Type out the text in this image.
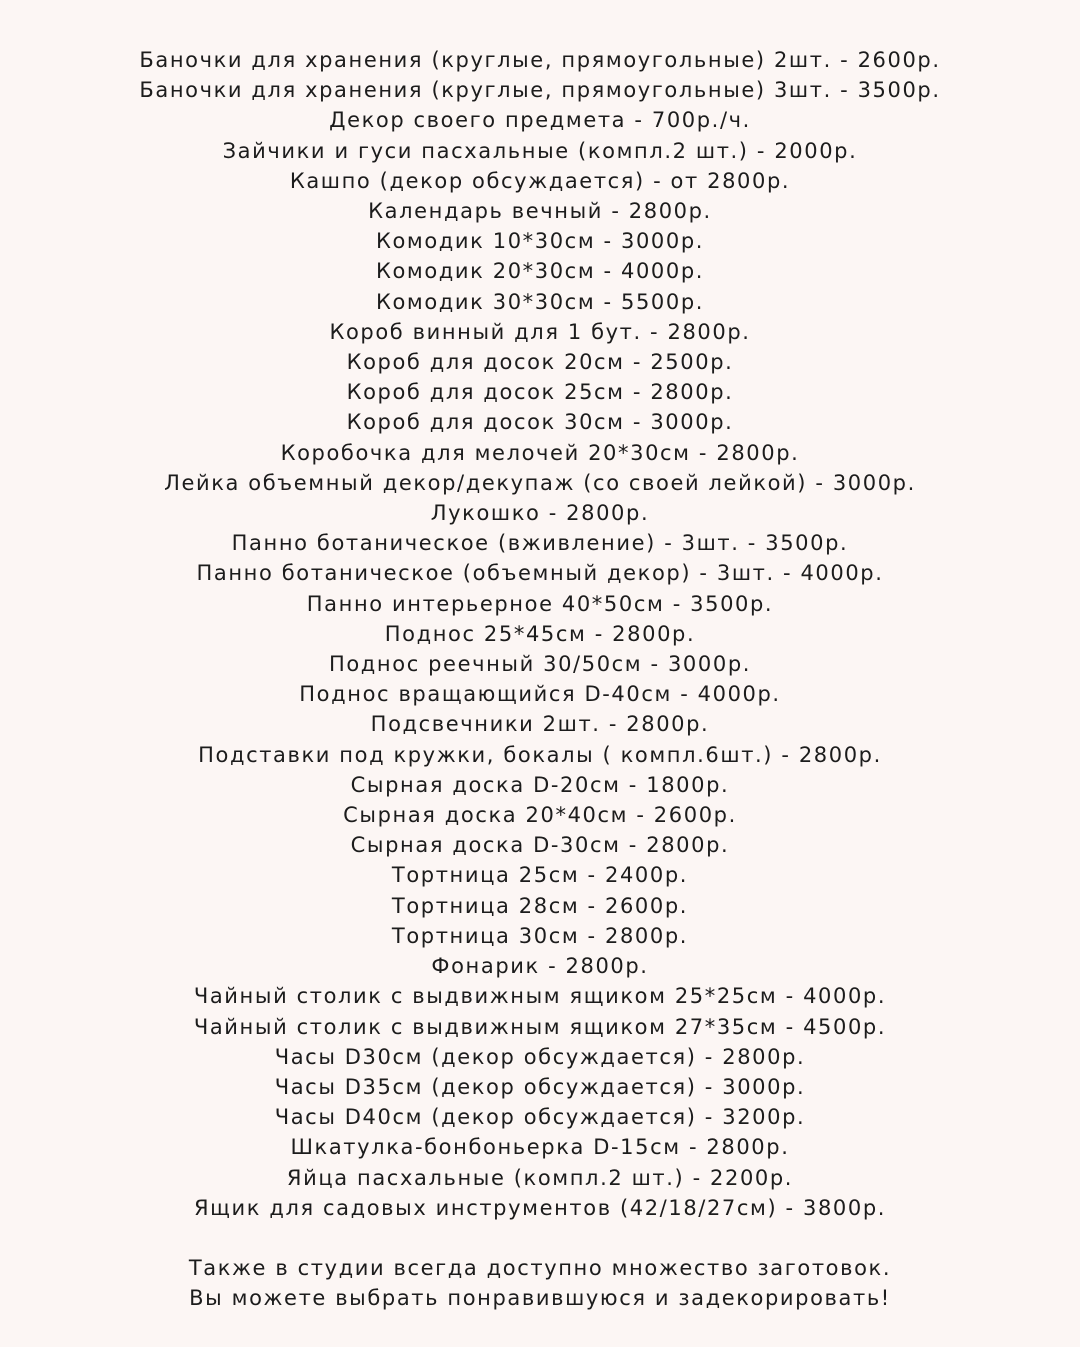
Баночки для хранения (круглые, прямоугольные) 2шт. - 2600р.
Баночки для хранения (круглые, прямоугольные) 3шт. - 3500р.
Декор своего предмета - 700р./ч.
Зайчики и гуси пасхальные (компл.2 шт.) - 2000р.
Кашпо (декор обсуждается) - от 2800р.
Календарь вечный - 2800р.
Комодик 10*30см - 3000р.
Комодик 20*30см - 4000р.
Комодик 30*30см - 5500р.
Короб винный для 1 бут. - 2800р.
Короб для досок 20см - 2500р.
Короб для досок 25см - 2800р.
Короб для досок 30см - 3000р.
Коробочка для мелочей 20*30см - 2800р.
Лейка объемный декор/декупаж (со своей лейкой) - 3000р.
Лукошко - 2800р.
Панно ботаническое (вживление) - 3шт. - 3500р.
Панно ботаническое (объемный декор) - 3шт. - 4000р.
Панно интерьерное 40*50см - 3500р.
Поднос 25*45см - 2800р.
Поднос реечный 30/50см - 3000р.
Поднос вращающийся D-40см - 4000р.
Подсвечники 2шт. - 2800р.
Подставки под кружки, бокалы ( компл.6шт.) - 2800р.
Сырная доска D-20см - 1800р.
Сырная доска 20*40см - 2600р.
Сырная доска D-30см - 2800р.
Тортница 25см - 2400р.
Тортница 28см - 2600р.
Тортница 30см - 2800р.
Фонарик - 2800р.
Чайный столик с выдвижным ящиком 25*25см - 4000р.
Чайный столик с выдвижным ящиком 27*35см - 4500р.
Часы D30см (декор обсуждается) - 2800р.
Часы D35см (декор обсуждается) - 3000р.
Часы D40см (декор обсуждается) - 3200р.
Шкатулка-бонбоньерка D-15см - 2800р.
Яйца пасхальные (компл.2 шт.) - 2200р.
Ящик для садовых инструментов (42/18/27см) - 3800р.

Также в студии всегда доступно множество заготовок.

Вы можете выбрать понравившуюся и задекорировать!
